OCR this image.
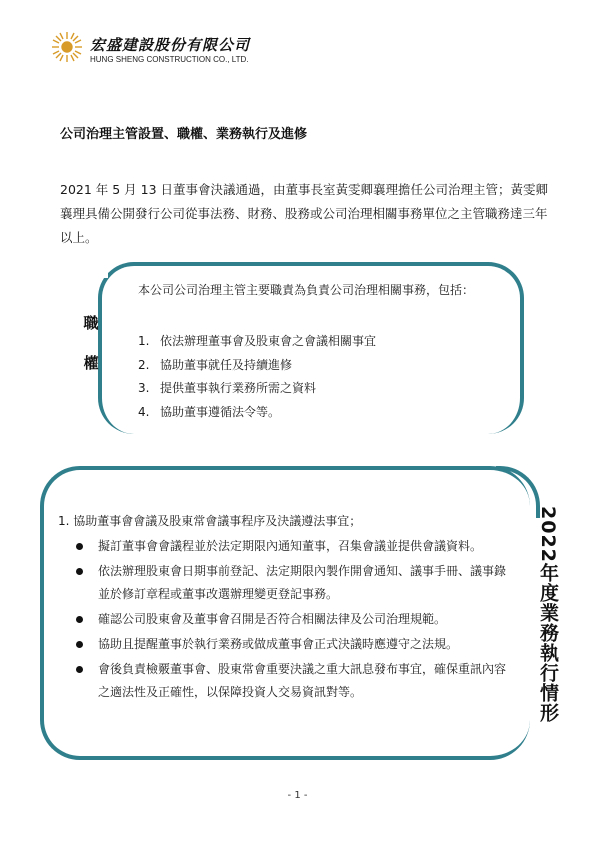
宏盛建設股份有限公司
HUNG SHENG CONSTRUCTION CO., LTD.
公司治理主管設置、職權、業務執行及進修
2021 年 5 月 13 日董事會決議通過，由董事長室黃雯卿襄理擔任公司治理主管；黃雯卿襄理具備公開發行公司從事法務、財務、股務或公司治理相關事務單位之主管職務達三年以上。
職
權
本公司公司治理主管主要職責為負責公司治理相關事務，包括：
1. 依法辦理董事會及股東會之會議相關事宜
2. 協助董事就任及持續進修
3. 提供董事執行業務所需之資料
4. 協助董事遵循法令等。
2022年度業務執行情形
1. 協助董事會會議及股東常會議事程序及決議遵法事宜；
擬訂董事會會議程並於法定期限內通知董事，召集會議並提供會議資料。
依法辦理股東會日期事前登記、法定期限內製作開會通知、議事手冊、議事錄並於修訂章程或董事改選辦理變更登記事務。
確認公司股東會及董事會召開是否符合相關法律及公司治理規範。
協助且提醒董事於執行業務或做成董事會正式決議時應遵守之法規。
會後負責檢覈董事會、股東常會重要決議之重大訊息發布事宜，確保重訊內容之適法性及正確性，以保障投資人交易資訊對等。
- 1 -
